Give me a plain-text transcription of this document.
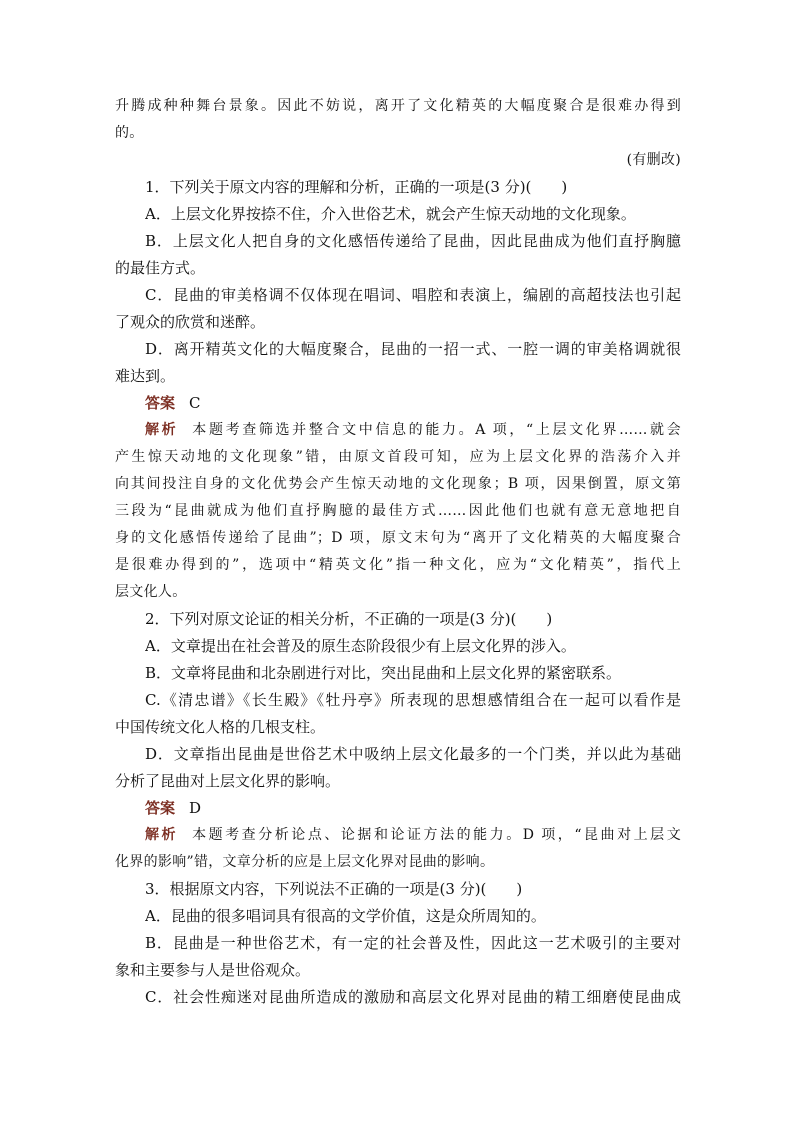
升腾成种种舞台景象。因此不妨说，离开了文化精英的大幅度聚合是很难办得到
的。
(有删改)
1．下列关于原文内容的理解和分析，正确的一项是(3 分)(　　)
A．上层文化界按捺不住，介入世俗艺术，就会产生惊天动地的文化现象。
B．上层文化人把自身的文化感悟传递给了昆曲，因此昆曲成为他们直抒胸臆
的最佳方式。
C．昆曲的审美格调不仅体现在唱词、唱腔和表演上，编剧的高超技法也引起
了观众的欣赏和迷醉。
D．离开精英文化的大幅度聚合，昆曲的一招一式、一腔一调的审美格调就很
难达到。
答案 C
解析 本题考查筛选并整合文中信息的能力。A 项，“上层文化界……就会
产生惊天动地的文化现象”错，由原文首段可知，应为上层文化界的浩荡介入并
向其间投注自身的文化优势会产生惊天动地的文化现象；B 项，因果倒置，原文第
三段为“昆曲就成为他们直抒胸臆的最佳方式……因此他们也就有意无意地把自
身的文化感悟传递给了昆曲”；D 项，原文末句为“离开了文化精英的大幅度聚合
是很难办得到的”，选项中“精英文化”指一种文化，应为“文化精英”，指代上
层文化人。
2．下列对原文论证的相关分析，不正确的一项是(3 分)(　　)
A．文章提出在社会普及的原生态阶段很少有上层文化界的涉入。
B．文章将昆曲和北杂剧进行对比，突出昆曲和上层文化界的紧密联系。
C.《清忠谱》《长生殿》《牡丹亭》所表现的思想感情组合在一起可以看作是
中国传统文化人格的几根支柱。
D．文章指出昆曲是世俗艺术中吸纳上层文化最多的一个门类，并以此为基础
分析了昆曲对上层文化界的影响。
答案 D
解析 本题考查分析论点、论据和论证方法的能力。D 项，“昆曲对上层文
化界的影响”错，文章分析的应是上层文化界对昆曲的影响。
3．根据原文内容，下列说法不正确的一项是(3 分)(　　)
A．昆曲的很多唱词具有很高的文学价值，这是众所周知的。
B．昆曲是一种世俗艺术，有一定的社会普及性，因此这一艺术吸引的主要对
象和主要参与人是世俗观众。
C．社会性痴迷对昆曲所造成的激励和高层文化界对昆曲的精工细磨使昆曲成
